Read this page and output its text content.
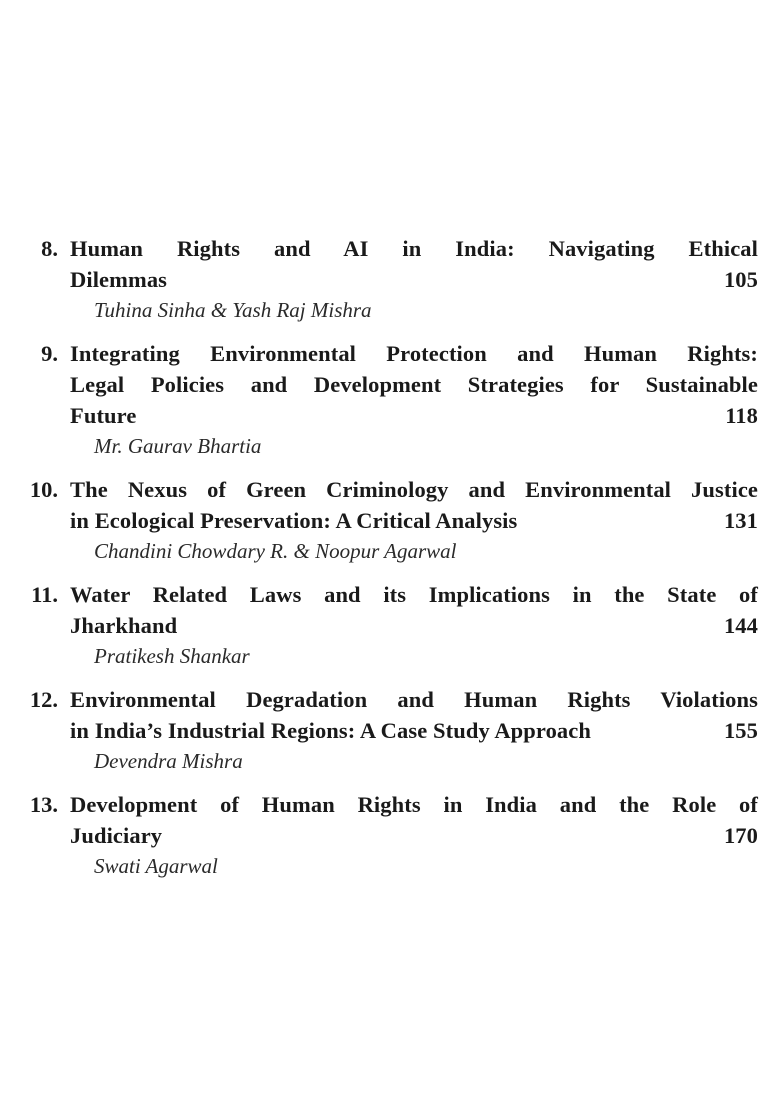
8. Human Rights and AI in India: Navigating Ethical
Dilemmas	105
Tuhina Sinha & Yash Raj Mishra
9. Integrating Environmental Protection and Human Rights:
Legal Policies and Development Strategies for Sustainable
Future	118
Mr. Gaurav Bhartia
10. The Nexus of Green Criminology and Environmental Justice
in Ecological Preservation: A Critical Analysis	131
Chandini Chowdary R. & Noopur Agarwal
11. Water Related Laws and its Implications in the State of
Jharkhand	144
Pratikesh Shankar
12. Environmental Degradation and Human Rights Violations
in India’s Industrial Regions: A Case Study Approach	155
Devendra Mishra
13. Development of Human Rights in India and the Role of
Judiciary	170
Swati Agarwal
